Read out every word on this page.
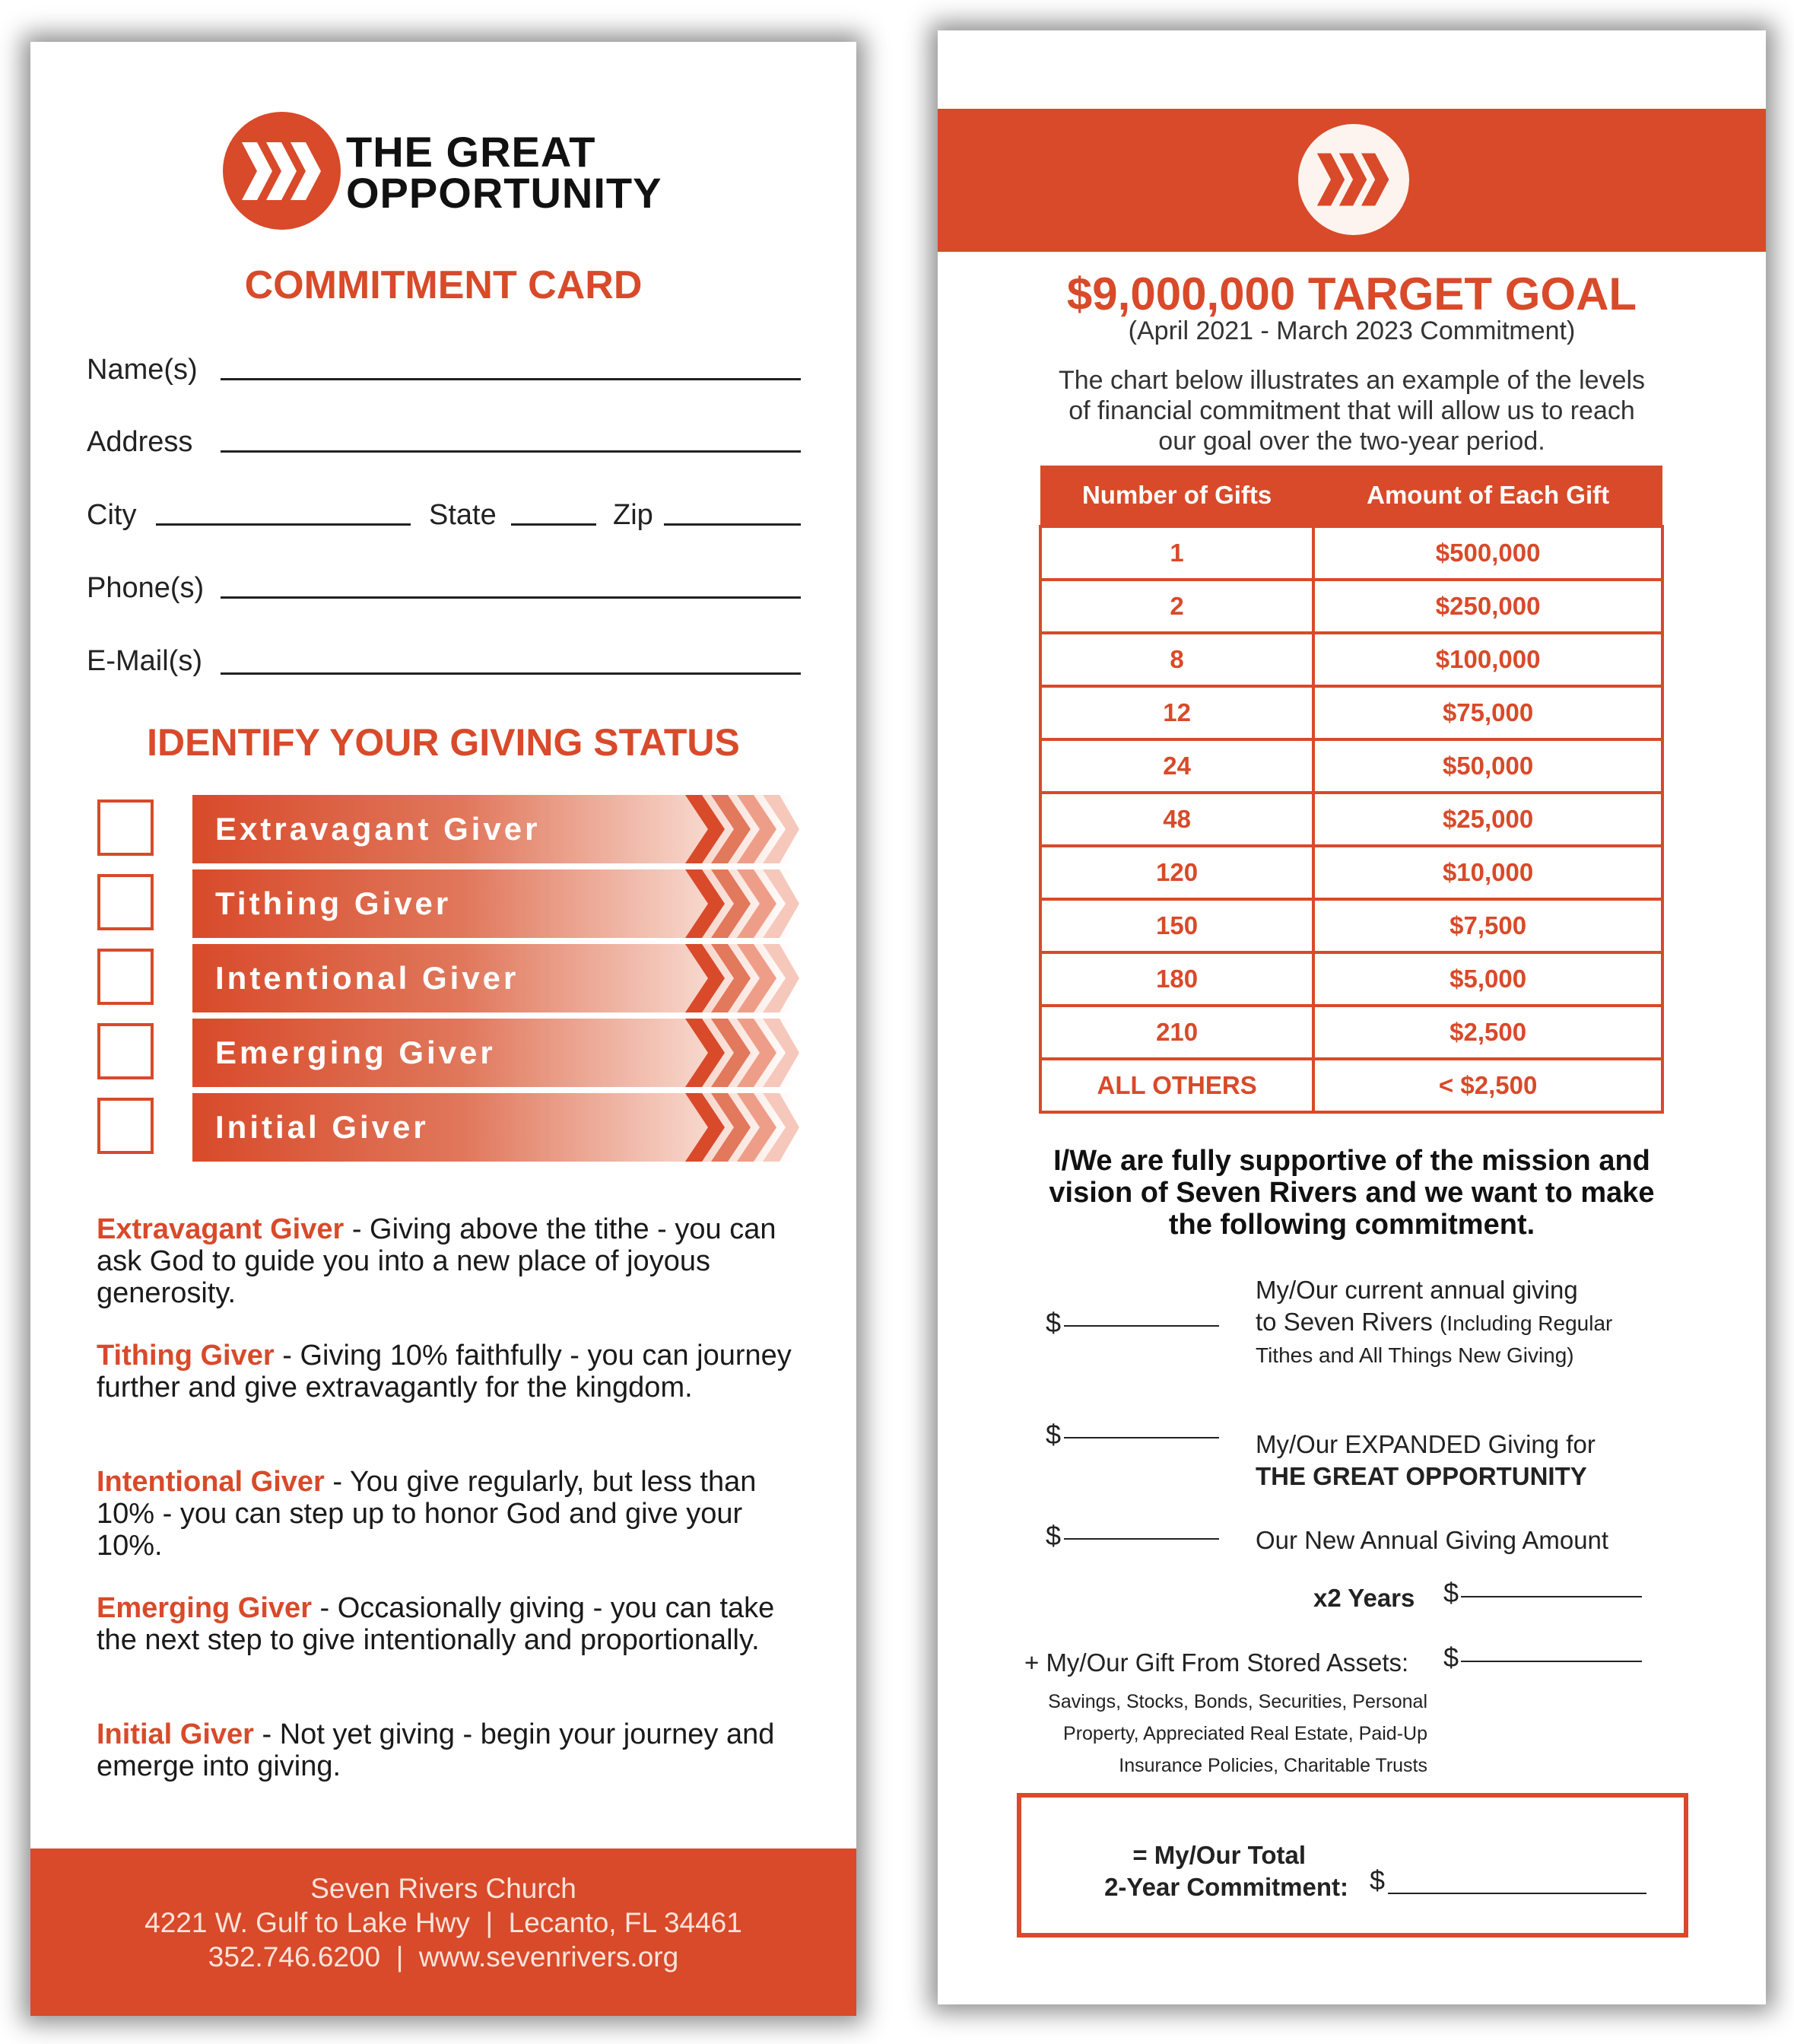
THE GREAT
OPPORTUNITY
COMMITMENT CARD
Name(s)
Address
City	State	Zip
Phone(s)
E-Mail(s)
IDENTIFY YOUR GIVING STATUS
Extravagant Giver
Tithing Giver
Intentional Giver
Emerging Giver
Initial Giver
Extravagant Giver - Giving above the tithe - you can ask God to guide you into a new place of joyous generosity.
Tithing Giver - Giving 10% faithfully - you can journey further and give extravagantly for the kingdom.
Intentional Giver - You give regularly, but less than 10% - you can step up to honor God and give your 10%.
Emerging Giver - Occasionally giving - you can take the next step to give intentionally and proportionally.
Initial Giver - Not yet giving - begin your journey and emerge into giving.
Seven Rivers Church
4221 W. Gulf to Lake Hwy  |  Lecanto, FL 34461
352.746.6200  |  www.sevenrivers.org
$9,000,000 TARGET GOAL
(April 2021 - March 2023 Commitment)
The chart below illustrates an example of the levels
of financial commitment that will allow us to reach
our goal over the two-year period.
Number of Gifts	Amount of Each Gift
1	$500,000
2	$250,000
8	$100,000
12	$75,000
24	$50,000
48	$25,000
120	$10,000
150	$7,500
180	$5,000
210	$2,500
ALL OTHERS	< $2,500
I/We are fully supportive of the mission and
vision of Seven Rivers and we want to make
the following commitment.
$
My/Our current annual giving
to Seven Rivers (Including Regular
Tithes and All Things New Giving)
$	My/Our EXPANDED Giving for
THE GREAT OPPORTUNITY
$	Our New Annual Giving Amount
x2 Years $
+ My/Our Gift From Stored Assets: $
Savings, Stocks, Bonds, Securities, Personal
Property, Appreciated Real Estate, Paid-Up
Insurance Policies, Charitable Trusts
= My/Our Total
2-Year Commitment: $
